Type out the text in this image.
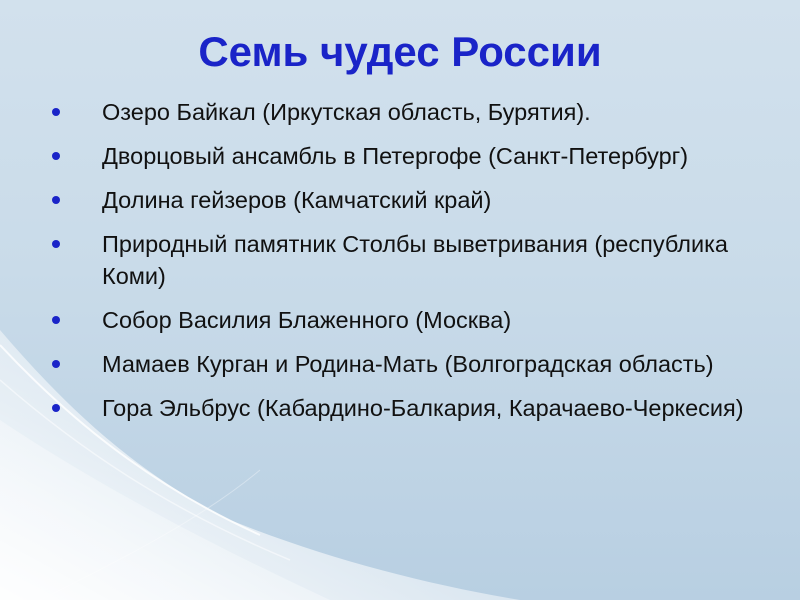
Семь чудес России
Озеро Байкал (Иркутская область, Бурятия).
Дворцовый ансамбль в Петергофе (Санкт-Петербург)
Долина гейзеров (Камчатский край)
Природный памятник Столбы выветривания (республика Коми)
Собор Василия Блаженного (Москва)
Мамаев Курган и Родина-Мать (Волгоградская область)
Гора Эльбрус (Кабардино-Балкария, Карачаево-Черкесия)
